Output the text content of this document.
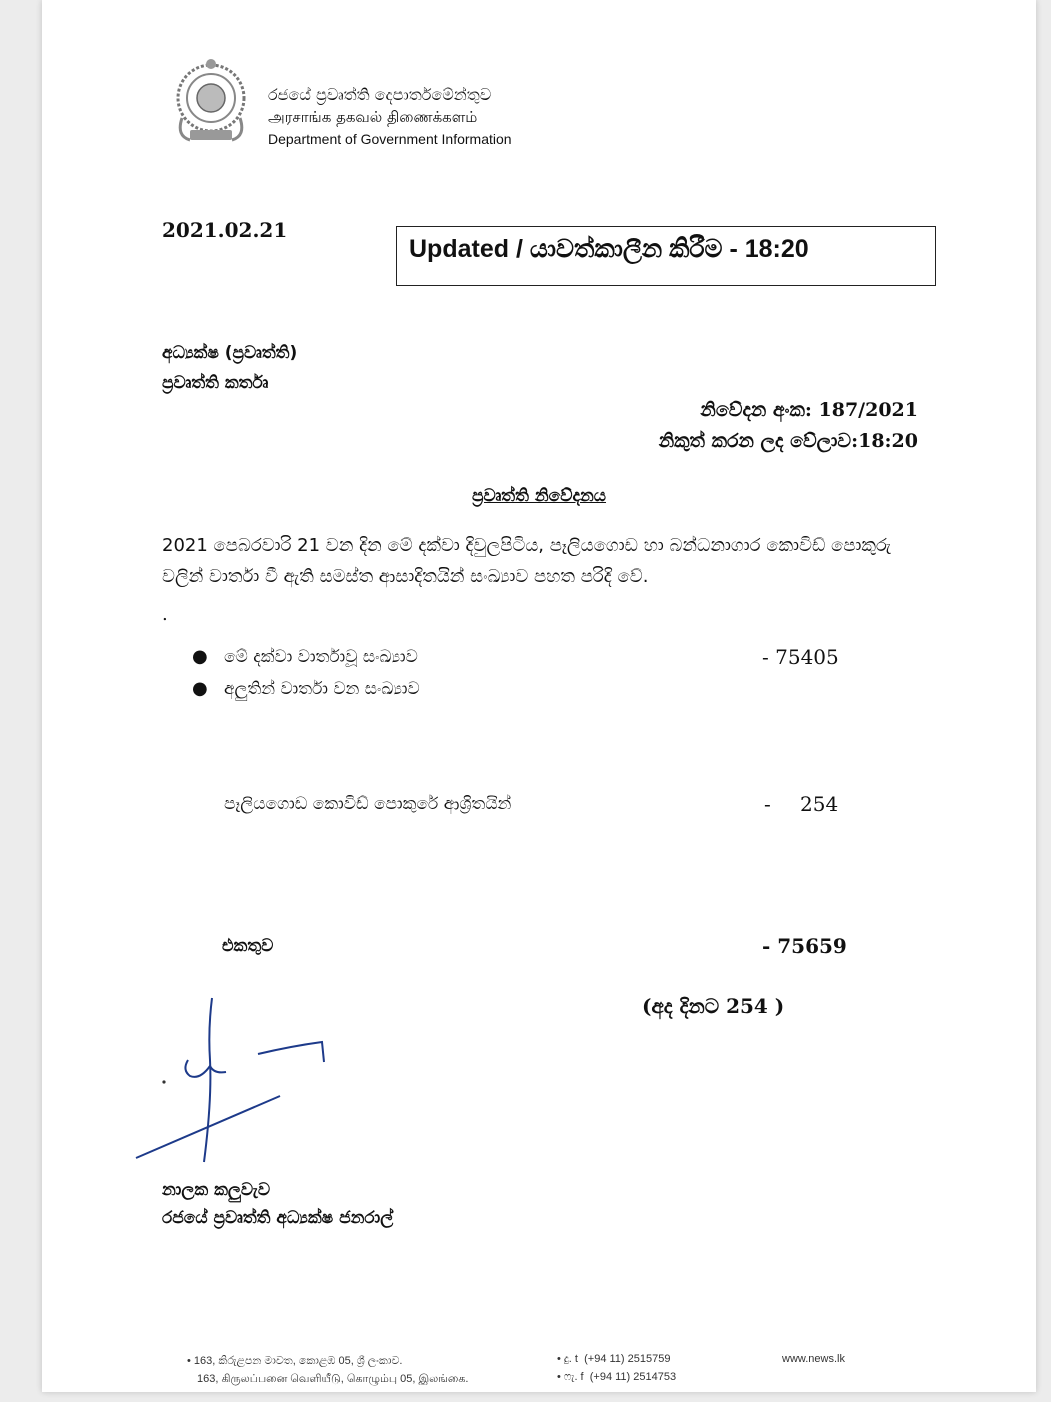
රජයේ ප්‍රවෘත්ති දෙපාර්තමේන්තුව
அரசாங்க தகவல் திணைக்களம்
Department of Government Information
2021.02.21
Updated / යාවත්කාලීන කිරීම - 18:20
අධ්‍යක්ෂ (ප්‍රවෘත්ති)
ප්‍රවෘත්ති කර්තෘ
නිවේදන අංක: 187/2021
නිකුත් කරන ලද වේලාව:18:20
ප්‍රවෘත්ති නිවේදනය
2021 පෙබරවාරි 21 වන දින මේ දක්වා දිවුලපිටිය, පෑලියගොඩ හා බන්ධනාගාර කොවිඩ් පොකුරු වලින් වාර්තා වී ඇති සමස්ත ආසාදිතයින් සංඛ්‍යාව පහත පරිදි වේ.
.
● මේ දක්වා වාර්තාවූ සංඛ්‍යාව	- 75405
● අලුතින් වාර්තා වන සංඛ්‍යාව
පෑලියගොඩ කොවිඩ් පොකුරේ ආශ්‍රිතයින්	- 254
එකතුව	- 75659
(අද දිනට 254 )
නාලක කලුවැව
රජයේ ප්‍රවෘත්ති අධ්‍යක්ෂ ජනරාල්
• 163, කිරුළපන මාවත, කොළඹ 05, ශ්‍රී ලංකාව.
163, கிருலப்பனை வெளியீடு, கொழும்பு 05, இலங்கை.
• දු. t (+94 11) 2515759
• ෆැ. f (+94 11) 2514753
www.news.lk
